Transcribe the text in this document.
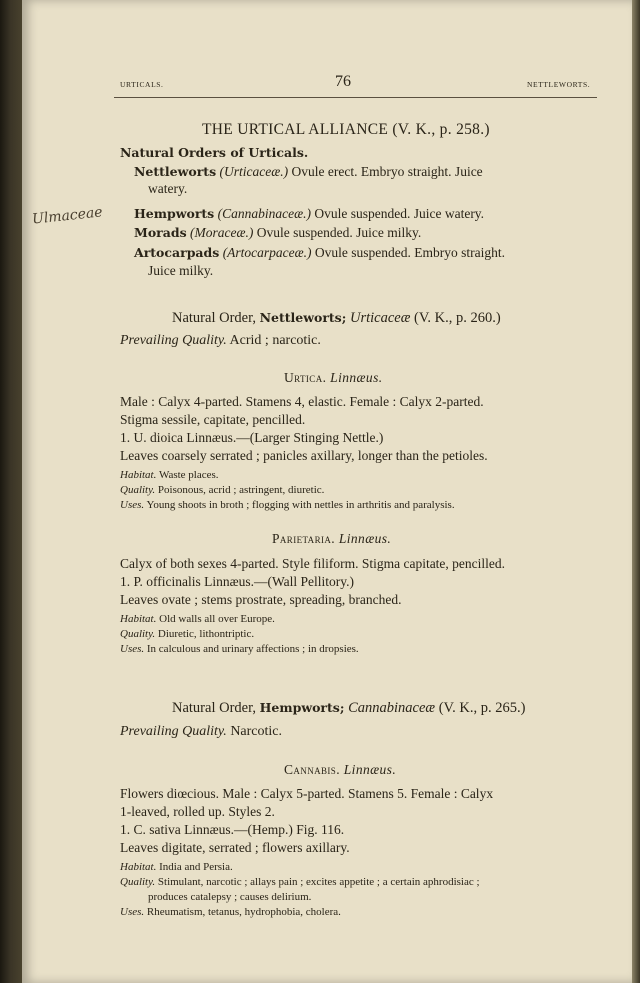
URTICALS.	76	NETTLEWORTS.
THE URTICAL ALLIANCE (V. K., p. 258.)
Natural Orders of Urticals.
Nettleworts (Urticaceæ.) Ovule erect. Embryo straight. Juice
watery.
Ulmaceae Hempworts (Cannabinaceæ.) Ovule suspended. Juice watery.
Morads (Moraceæ.) Ovule suspended. Juice milky.
Artocarpads (Artocarpaceæ.) Ovule suspended. Embryo straight.
Juice milky.
Natural Order, Nettleworts; Urticaceæ (V. K., p. 260.)
Prevailing Quality. Acrid ; narcotic.
Urtica. Linnæus.
Male : Calyx 4-parted. Stamens 4, elastic. Female : Calyx 2-parted.
Stigma sessile, capitate, pencilled.
1. U. dioica Linnæus.—(Larger Stinging Nettle.)
Leaves coarsely serrated ; panicles axillary, longer than the petioles.
Habitat. Waste places.
Quality. Poisonous, acrid ; astringent, diuretic.
Uses. Young shoots in broth ; flogging with nettles in arthritis and paralysis.
Parietaria. Linnæus.
Calyx of both sexes 4-parted. Style filiform. Stigma capitate, pencilled.
1. P. officinalis Linnæus.—(Wall Pellitory.)
Leaves ovate ; stems prostrate, spreading, branched.
Habitat. Old walls all over Europe.
Quality. Diuretic, lithontriptic.
Uses. In calculous and urinary affections ; in dropsies.
Natural Order, Hempworts; Cannabinaceæ (V. K., p. 265.)
Prevailing Quality. Narcotic.
Cannabis. Linnæus.
Flowers diœcious. Male : Calyx 5-parted. Stamens 5. Female : Calyx
1-leaved, rolled up. Styles 2.
1. C. sativa Linnæus.—(Hemp.) Fig. 116.
Leaves digitate, serrated ; flowers axillary.
Habitat. India and Persia.
Quality. Stimulant, narcotic ; allays pain ; excites appetite ; a certain aphrodisiac ;
produces catalepsy ; causes delirium.
Uses. Rheumatism, tetanus, hydrophobia, cholera.
